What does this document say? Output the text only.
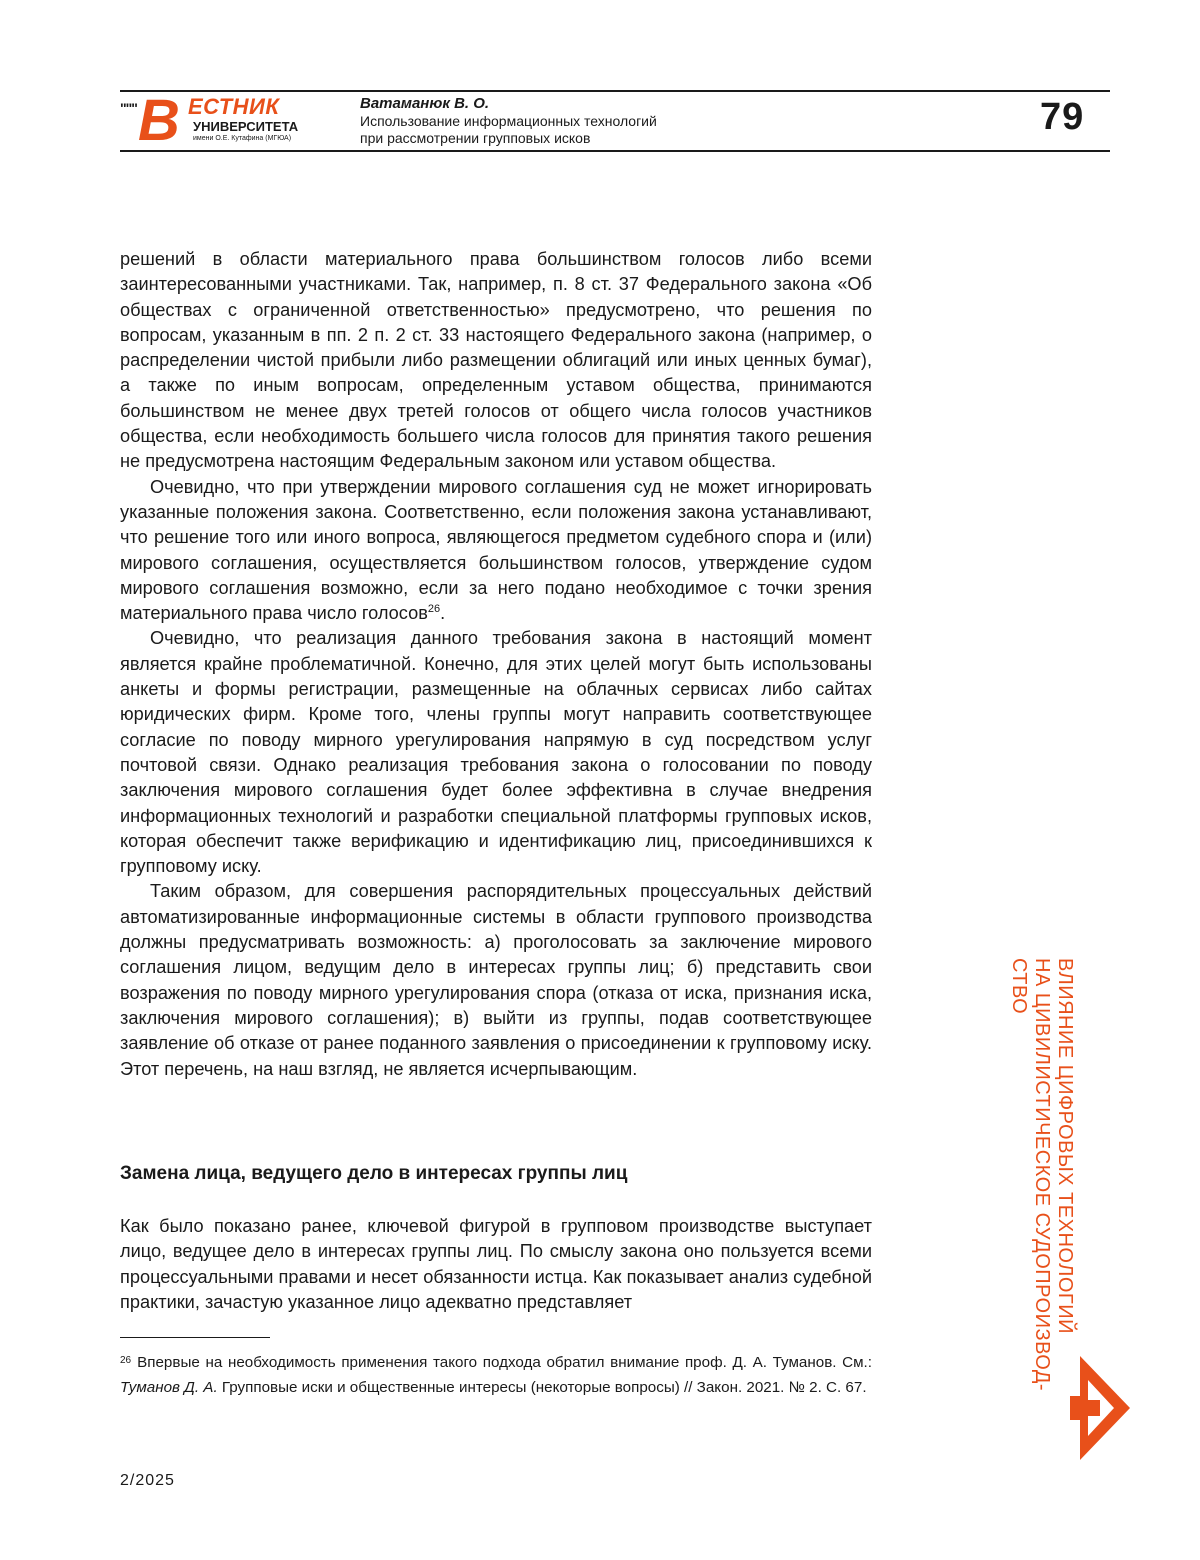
""" В ЕСТНИК
УНИВЕРСИТЕТА
имени О.Е. Кутафина (МГЮА)
Ватаманюк В. О.
Использование информационных технологий
при рассмотрении групповых исков	79

решений в области материального права большинством голосов либо всеми заинтересованными участниками. Так, например, п. 8 ст. 37 Федерального закона «Об обществах с ограниченной ответственностью» предусмотрено, что решения по вопросам, указанным в пп. 2 п. 2 ст. 33 настоящего Федерального закона (например, о распределении чистой прибыли либо размещении облигаций или иных ценных бумаг), а также по иным вопросам, определенным уставом общества, принимаются большинством не менее двух третей голосов от общего числа голосов участников общества, если необходимость большего числа голосов для принятия такого решения не предусмотрена настоящим Федеральным законом или уставом общества.

Очевидно, что при утверждении мирового соглашения суд не может игнорировать указанные положения закона. Соответственно, если положения закона устанавливают, что решение того или иного вопроса, являющегося предметом судебного спора и (или) мирового соглашения, осуществляется большинством голосов, утверждение судом мирового соглашения возможно, если за него подано необходимое с точки зрения материального права число голосов26.

Очевидно, что реализация данного требования закона в настоящий момент является крайне проблематичной. Конечно, для этих целей могут быть использованы анкеты и формы регистрации, размещенные на облачных сервисах либо сайтах юридических фирм. Кроме того, члены группы могут направить соответствующее согласие по поводу мирного урегулирования напрямую в суд посредством услуг почтовой связи. Однако реализация требования закона о голосовании по поводу заключения мирового соглашения будет более эффективна в случае внедрения информационных технологий и разработки специальной платформы групповых исков, которая обеспечит также верификацию и идентификацию лиц, присоединившихся к групповому иску.

Таким образом, для совершения распорядительных процессуальных действий автоматизированные информационные системы в области группового производства должны предусматривать возможность: а) проголосовать за заключение мирового соглашения лицом, ведущим дело в интересах группы лиц; б) представить свои возражения по поводу мирного урегулирования спора (отказа от иска, признания иска, заключения мирового соглашения); в) выйти из группы, подав соответствующее заявление об отказе от ранее поданного заявления о присоединении к групповому иску. Этот перечень, на наш взгляд, не является исчерпывающим.

Замена лица, ведущего дело в интересах группы лиц

Как было показано ранее, ключевой фигурой в групповом производстве выступает лицо, ведущее дело в интересах группы лиц. По смыслу закона оно пользуется всеми процессуальными правами и несет обязанности истца. Как показывает анализ судебной практики, зачастую указанное лицо адекватно представляет

26 Впервые на необходимость применения такого подхода обратил внимание проф. Д. А. Туманов. См.: Туманов Д. А. Групповые иски и общественные интересы (некоторые вопросы) // Закон. 2021. № 2. С. 67.
2/2025
ВЛИЯНИЕ ЦИФРОВЫХ ТЕХНОЛОГИЙ
НА ЦИВИЛИСТИЧЕСКОЕ СУДОПРОИЗВОД-
СТВО
